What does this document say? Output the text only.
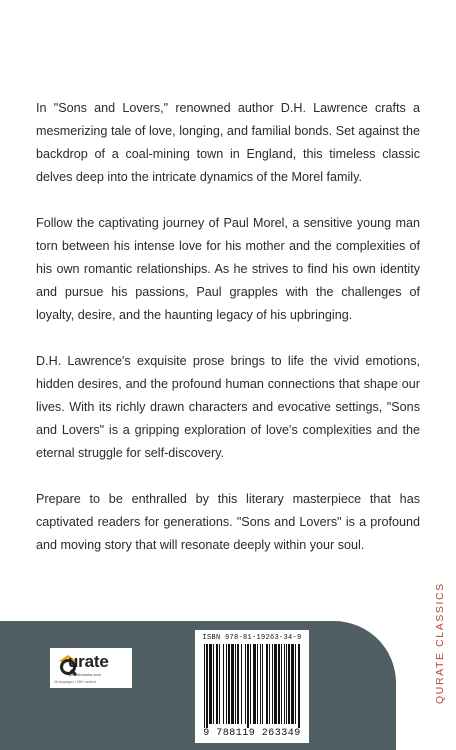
In "Sons and Lovers," renowned author D.H. Lawrence crafts a mesmerizing tale of love, longing, and familial bonds. Set against the backdrop of a coal-mining town in England, this timeless classic delves deep into the intricate dynamics of the Morel family.

Follow the captivating journey of Paul Morel, a sensitive young man torn between his intense love for his mother and the complexities of his own romantic relationships. As he strives to find his own identity and pursue his passions, Paul grapples with the challenges of loyalty, desire, and the haunting legacy of his upbringing.

D.H. Lawrence's exquisite prose brings to life the vivid emotions, hidden desires, and the profound human connections that shape our lives. With its richly drawn characters and evocative settings, "Sons and Lovers" is a gripping exploration of love's complexities and the eternal struggle for self-discovery.

Prepare to be enthralled by this literary masterpiece that has captivated readers for generations. "Sons and Lovers" is a profound and moving story that will resonate deeply within your soul.

QURATE CLASSICS
urate
qurateboooks.com
25 languages • 180+ authors
ISBN 978-81-19263-34-9
9 788119 263349
